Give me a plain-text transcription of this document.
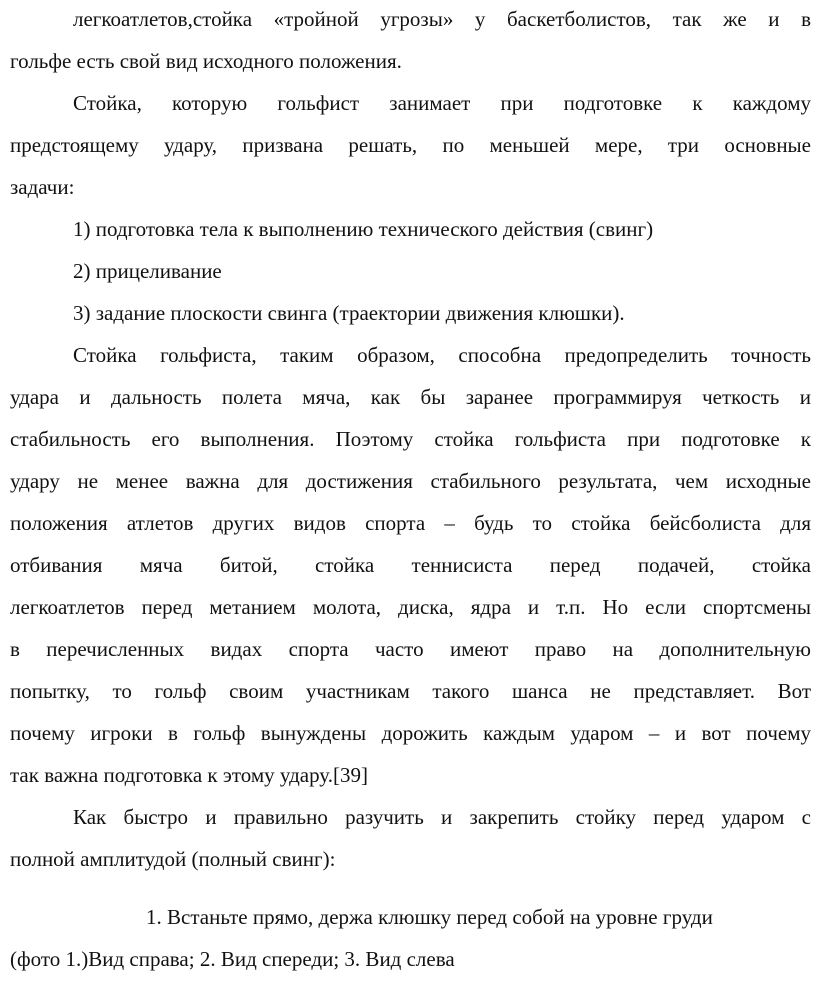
легкоатлетов,стойка «тройной угрозы» у баскетболистов, так же и в
гольфе есть свой вид исходного положения.
Стойка, которую гольфист занимает при подготовке к каждому
предстоящему удару, призвана решать, по меньшей мере, три основные
задачи:
1) подготовка тела к выполнению технического действия (свинг)
2) прицеливание
3) задание плоскости свинга (траектории движения клюшки).
Стойка гольфиста, таким образом, способна предопределить точность
удара и дальность полета мяча, как бы заранее программируя четкость и
стабильность его выполнения. Поэтому стойка гольфиста при подготовке к
удару не менее важна для достижения стабильного результата, чем исходные
положения атлетов других видов спорта – будь то стойка бейсболиста для
отбивания мяча битой, стойка теннисиста перед подачей, стойка
легкоатлетов перед метанием молота, диска, ядра и т.п. Но если спортсмены
в перечисленных видах спорта часто имеют право на дополнительную
попытку, то гольф своим участникам такого шанса не представляет. Вот
почему игроки в гольф вынуждены дорожить каждым ударом – и вот почему
так важна подготовка к этому удару.[39]
Как быстро и правильно разучить и закрепить стойку перед ударом с
полной амплитудой (полный свинг):
1. Встаньте прямо, держа клюшку перед собой на уровне груди
(фото 1.)Вид справа; 2. Вид спереди; 3. Вид слева
